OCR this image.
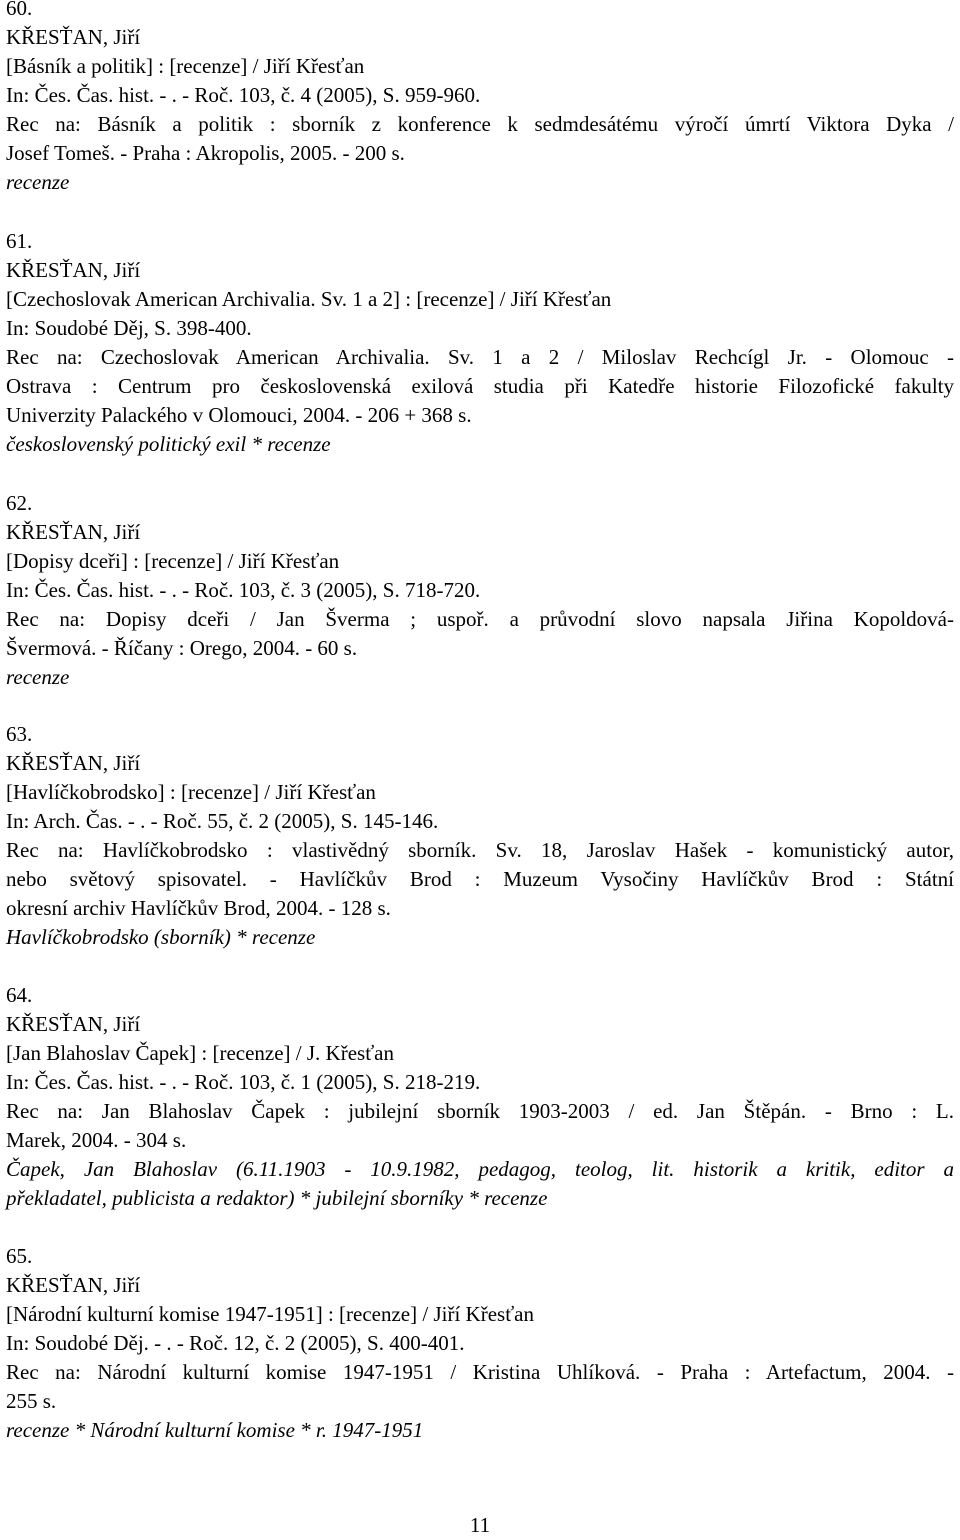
60.
KŘESŤAN, Jiří
[Básník a politik] : [recenze] / Jiří Křesťan
In: Čes. Čas. hist. - . - Roč. 103, č. 4 (2005), S. 959-960.
Rec na: Básník a politik : sborník z konference k sedmdesátému výročí úmrtí Viktora Dyka /
Josef Tomeš. - Praha : Akropolis, 2005. - 200 s.
recenze
61.
KŘESŤAN, Jiří
[Czechoslovak American Archivalia. Sv. 1 a 2] : [recenze] / Jiří Křesťan
In: Soudobé Děj, S. 398-400.
Rec na: Czechoslovak American Archivalia. Sv. 1 a 2 / Miloslav Rechcígl Jr. - Olomouc -
Ostrava : Centrum pro československá exilová studia při Katedře historie Filozofické fakulty
Univerzity Palackého v Olomouci, 2004. - 206 + 368 s.
československý politický exil * recenze
62.
KŘESŤAN, Jiří
[Dopisy dceři] : [recenze] / Jiří Křesťan
In: Čes. Čas. hist. - . - Roč. 103, č. 3 (2005), S. 718-720.
Rec na: Dopisy dceři / Jan Šverma ; uspoř. a průvodní slovo napsala Jiřina Kopoldová-
Švermová. - Říčany : Orego, 2004. - 60 s.
recenze
63.
KŘESŤAN, Jiří
[Havlíčkobrodsko] : [recenze] / Jiří Křesťan
In: Arch. Čas. - . - Roč. 55, č. 2 (2005), S. 145-146.
Rec na: Havlíčkobrodsko : vlastivědný sborník. Sv. 18, Jaroslav Hašek - komunistický autor,
nebo světový spisovatel. - Havlíčkův Brod : Muzeum Vysočiny Havlíčkův Brod : Státní
okresní archiv Havlíčkův Brod, 2004. - 128 s.
Havlíčkobrodsko (sborník) * recenze
64.
KŘESŤAN, Jiří
[Jan Blahoslav Čapek] : [recenze] / J. Křesťan
In: Čes. Čas. hist. - . - Roč. 103, č. 1 (2005), S. 218-219.
Rec na: Jan Blahoslav Čapek : jubilejní sborník 1903-2003 / ed. Jan Štěpán. - Brno : L.
Marek, 2004. - 304 s.
Čapek, Jan Blahoslav (6.11.1903 - 10.9.1982, pedagog, teolog, lit. historik a kritik, editor a
překladatel, publicista a redaktor) * jubilejní sborníky * recenze
65.
KŘESŤAN, Jiří
[Národní kulturní komise 1947-1951] : [recenze] / Jiří Křesťan
In: Soudobé Děj. - . - Roč. 12, č. 2 (2005), S. 400-401.
Rec na: Národní kulturní komise 1947-1951 / Kristina Uhlíková. - Praha : Artefactum, 2004. -
255 s.
recenze * Národní kulturní komise * r. 1947-1951
11
